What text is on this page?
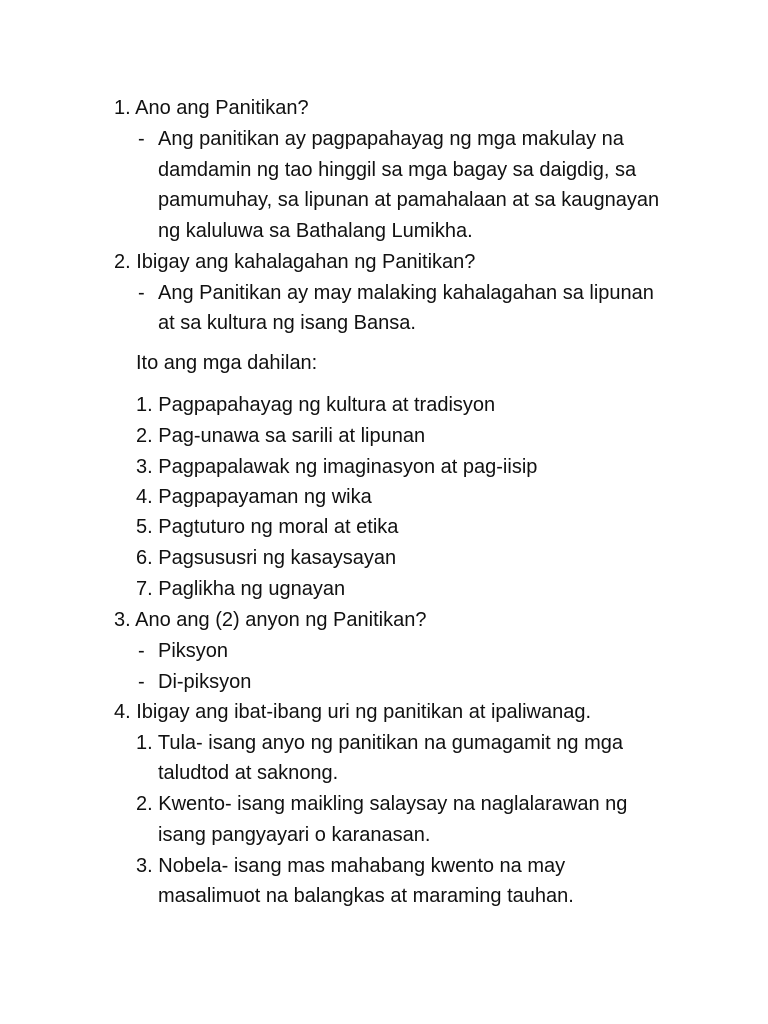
1. Ano ang Panitikan?
- Ang panitikan ay pagpapahayag ng mga makulay na
damdamin ng tao hinggil sa mga bagay sa daigdig, sa
pamumuhay, sa lipunan at pamahalaan at sa kaugnayan
ng kaluluwa sa Bathalang Lumikha.
2. Ibigay ang kahalagahan ng Panitikan?
- Ang Panitikan ay may malaking kahalagahan sa lipunan
at sa kultura ng isang Bansa.
Ito ang mga dahilan:
1. Pagpapahayag ng kultura at tradisyon
2. Pag-unawa sa sarili at lipunan
3. Pagpapalawak ng imaginasyon at pag-iisip
4. Pagpapayaman ng wika
5. Pagtuturo ng moral at etika
6. Pagsususri ng kasaysayan
7. Paglikha ng ugnayan
3. Ano ang (2) anyon ng Panitikan?
- Piksyon
- Di-piksyon
4. Ibigay ang ibat-ibang uri ng panitikan at ipaliwanag.
1. Tula- isang anyo ng panitikan na gumagamit ng mga
taludtod at saknong.
2. Kwento- isang maikling salaysay na naglalarawan ng
isang pangyayari o karanasan.
3. Nobela- isang mas mahabang kwento na may
masalimuot na balangkas at maraming tauhan.
